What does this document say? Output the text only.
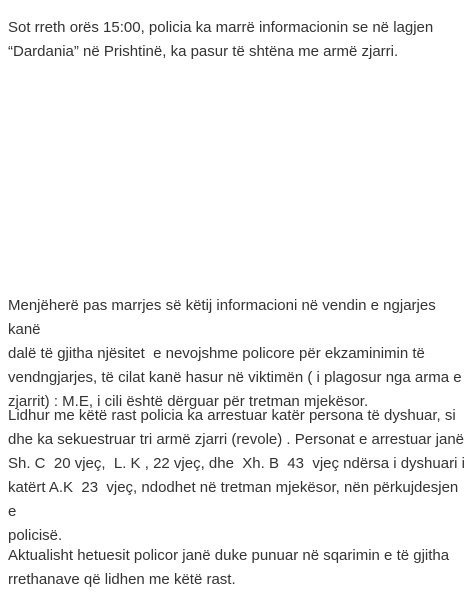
Sot rreth orës 15:00, policia ka marrë informacionin se në lagjen
“Dardania” në Prishtinë, ka pasur të shtëna me armë zjarri.

Menjëherë pas marrjes së këtij informacioni në vendin e ngjarjes kanë
dalë të gjitha njësitet  e nevojshme policore për ekzaminimin të
vendngjarjes, të cilat kanë hasur në viktimën ( i plagosur nga arma e
zjarrit) : M.E, i cili është dërguar për tretman mjekësor.

Lidhur me këtë rast policia ka arrestuar katër persona të dyshuar, si
dhe ka sekuestruar tri armë zjarri (revole) . Personat e arrestuar janë
Sh. C  20 vjeç,  L. K , 22 vjeç, dhe  Xh. B  43  vjeç ndërsa i dyshuari i
katërt A.K  23  vjeç, ndodhet në tretman mjekësor, nën përkujdesjen e
policisë.

Aktualisht hetuesit policor janë duke punuar në sqarimin e të gjitha
rrethanave që lidhen me këtë rast.
